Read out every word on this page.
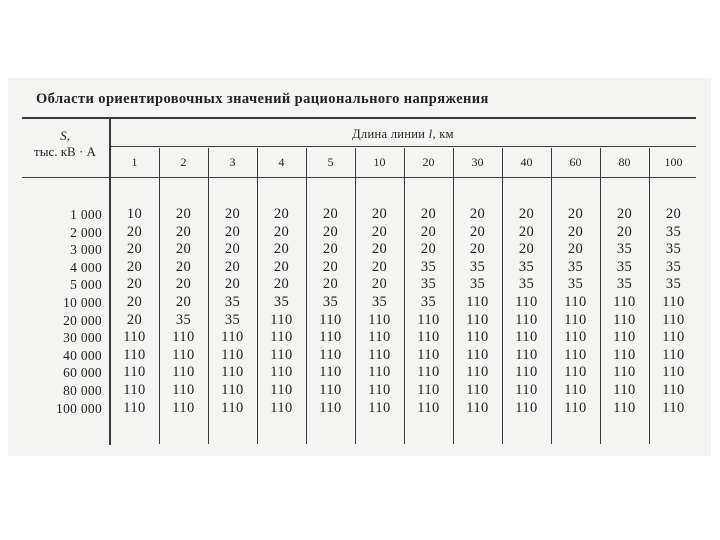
Области ориентировочных значений рационального напряжения
S,
тыс. кВ · А
Длина линии l, км
1	2	3	4	5	10	20	30	40	60	80	100
1 000	10	20	20	20	20	20	20	20	20	20	20	20
2 000	20	20	20	20	20	20	20	20	20	20	20	35
3 000	20	20	20	20	20	20	20	20	20	20	35	35
4 000	20	20	20	20	20	20	35	35	35	35	35	35
5 000	20	20	20	20	20	20	35	35	35	35	35	35
10 000	20	20	35	35	35	35	35	110	110	110	110	110
20 000	20	35	35	110	110	110	110	110	110	110	110	110
30 000	110	110	110	110	110	110	110	110	110	110	110	110
40 000	110	110	110	110	110	110	110	110	110	110	110	110
60 000	110	110	110	110	110	110	110	110	110	110	110	110
80 000	110	110	110	110	110	110	110	110	110	110	110	110
100 000	110	110	110	110	110	110	110	110	110	110	110	110
